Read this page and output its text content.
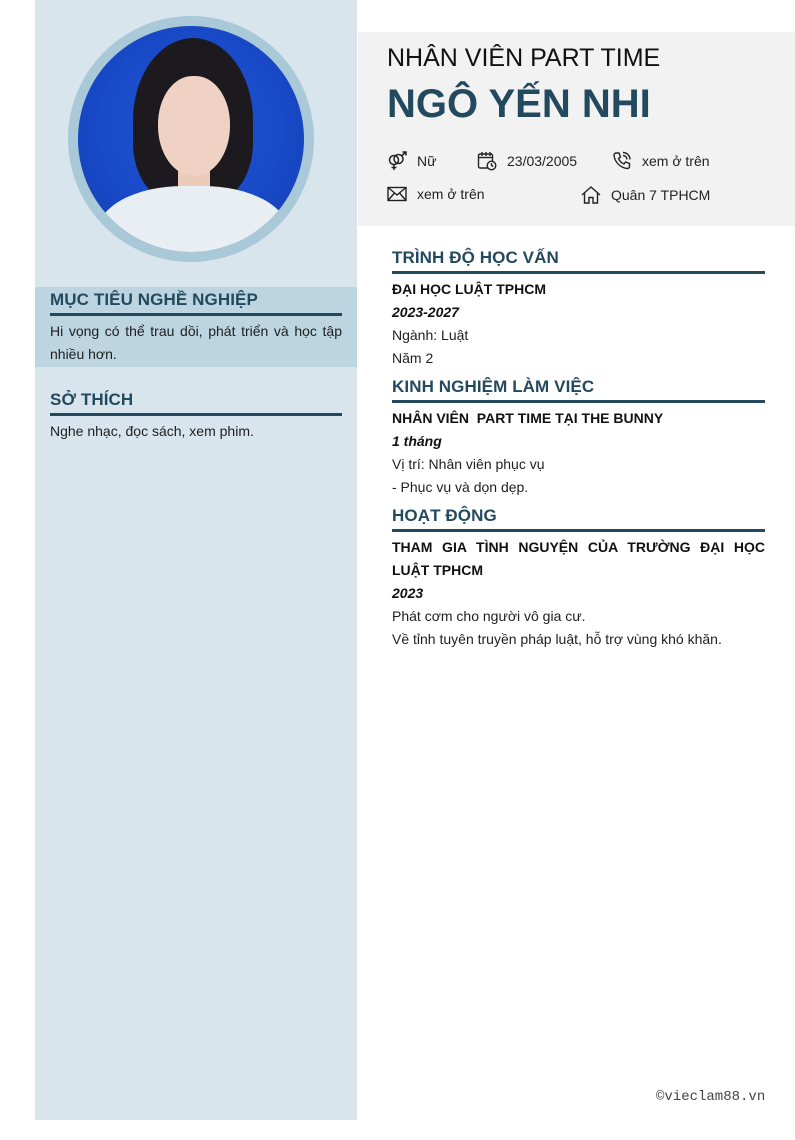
MỤC TIÊU NGHỀ NGHIỆP
Hi vọng có thể trau dồi, phát triển và học tập nhiều hơn.
SỞ THÍCH
Nghe nhạc, đọc sách, xem phim.
NHÂN VIÊN PART TIME
NGÔ YẾN NHI
Nữ	23/03/2005	xem ở trên
xem ở trên	Quân 7 TPHCM
TRÌNH ĐỘ HỌC VẤN
ĐẠI HỌC LUẬT TPHCM
2023-2027
Ngành: Luật
Năm 2
KINH NGHIỆM LÀM VIỆC
NHÂN VIÊN  PART TIME TẠI THE BUNNY
1 tháng
Vị trí: Nhân viên phục vụ
- Phục vụ và dọn dẹp.
HOẠT ĐỘNG
THAM GIA TÌNH NGUYỆN CỦA TRƯỜNG ĐẠI HỌC LUẬT TPHCM
2023
Phát cơm cho người vô gia cư.
Về tỉnh tuyên truyền pháp luật, hỗ trợ vùng khó khăn.
©vieclam88.vn
